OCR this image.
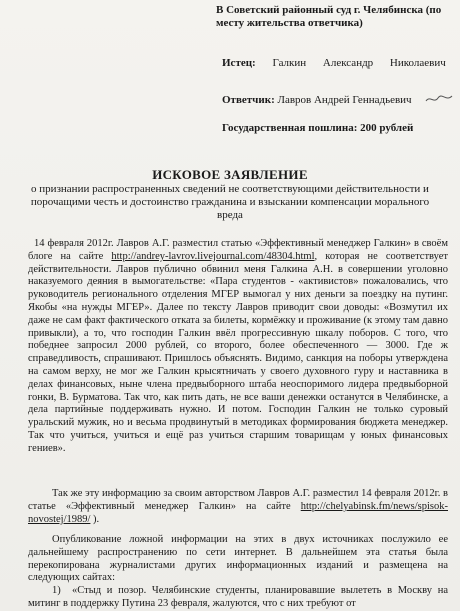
В Советский районный суд г. Челябинска (по месту жительства ответчика)
Истец: Галкин Александр Николаевич
Ответчик: Лавров Андрей Геннадьевич
Государственная пошлина: 200 рублей
ИСКОВОЕ ЗАЯВЛЕНИЕ
о признании распространенных сведений не соответствующими действительности и порочащими честь и достоинство гражданина и взыскании компенсации морального вреда
14 февраля 2012г. Лавров А.Г. разместил статью «Эффективный менеджер Галкин» в своём блоге на сайте http://andrey-lavrov.livejournal.com/48304.html, которая не соответствует действительности. Лавров публично обвинил меня Галкина А.Н. в совершении уголовно наказуемого деяния в вымогательстве: «Пара студентов - «активистов» пожаловались, что руководитель регионального отделения МГЕР вымогал у них деньги за поездку на путинг. Якобы «на нужды МГЕР». Далее по тексту Лавров приводит свои доводы: «Возмутил их даже не сам факт фактического отката за билеты, кормёжку и проживание (к этому там давно привыкли), а то, что господин Галкин ввёл прогрессивную шкалу поборов. С того, что победнее запросил 2000 рублей, со второго, более обеспеченного — 3000. Где ж справедливость, спрашивают. Пришлось объяснять. Видимо, санкция на поборы утверждена на самом верху, не мог же Галкин крысятничать у своего духовного гуру и наставника в делах финансовых, ныне члена предвыборного штаба неоспоримого лидера предвыборной гонки, В. Бурматова. Так что, как пить дать, не все ваши денежки останутся в Челябинске, а дела партийные поддерживать нужно. И потом. Господин Галкин не только суровый уральский мужик, но и весьма продвинутый в методиках формирования бюджета менеджер. Так что учиться, учиться и ещё раз учиться старшим товарищам у юных финансовых гениев».
Так же эту информацию за своим авторством Лавров А.Г. разместил 14 февраля 2012г. в статье «Эффективный менеджер Галкин» на сайте http://chelyabinsk.fm/news/spisok-novostej/1989/ ).
Опубликование ложной информации на этих в двух источниках послужило ее дальнейшему распространению по сети интернет. В дальнейшем эта статья была перекопирована журналистами других информационных изданий и размещена на следующих сайтах:
1) «Стыд и позор. Челябинские студенты, планировавшие вылететь в Москву на митинг в поддержку Путина 23 февраля, жалуются, что с них требуют от
